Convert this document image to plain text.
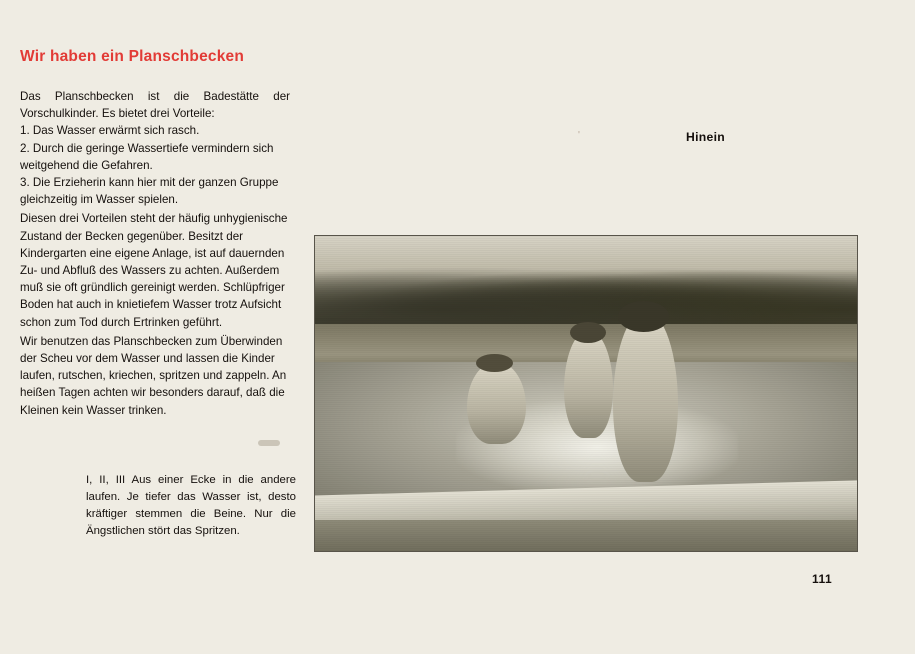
Wir haben ein Planschbecken

Das Planschbecken ist die Badestätte der Vorschulkinder. Es bietet drei Vorteile:

1. Das Wasser erwärmt sich rasch.
2. Durch die geringe Wassertiefe vermindern sich weitgehend die Gefahren.
3. Die Erzieherin kann hier mit der ganzen Gruppe gleichzeitig im Wasser spielen.

Diesen drei Vorteilen steht der häufig unhygienische Zustand der Becken gegenüber. Besitzt der Kindergarten eine eigene Anlage, ist auf dauernden Zu- und Abfluß des Wassers zu achten. Außerdem muß sie oft gründlich gereinigt werden. Schlüpfriger Boden hat auch in knietiefem Wasser trotz Aufsicht schon zum Tod durch Ertrinken geführt.

Wir benutzen das Planschbecken zum Überwinden der Scheu vor dem Wasser und lassen die Kinder laufen, rutschen, kriechen, spritzen und zappeln. An heißen Tagen achten wir besonders darauf, daß die Kleinen kein Wasser trinken.

I, II, III Aus einer Ecke in die andere laufen. Je tiefer das Wasser ist, desto kräftiger stemmen die Beine. Nur die Ängstlichen stört das Spritzen.
'	Hinein
111
